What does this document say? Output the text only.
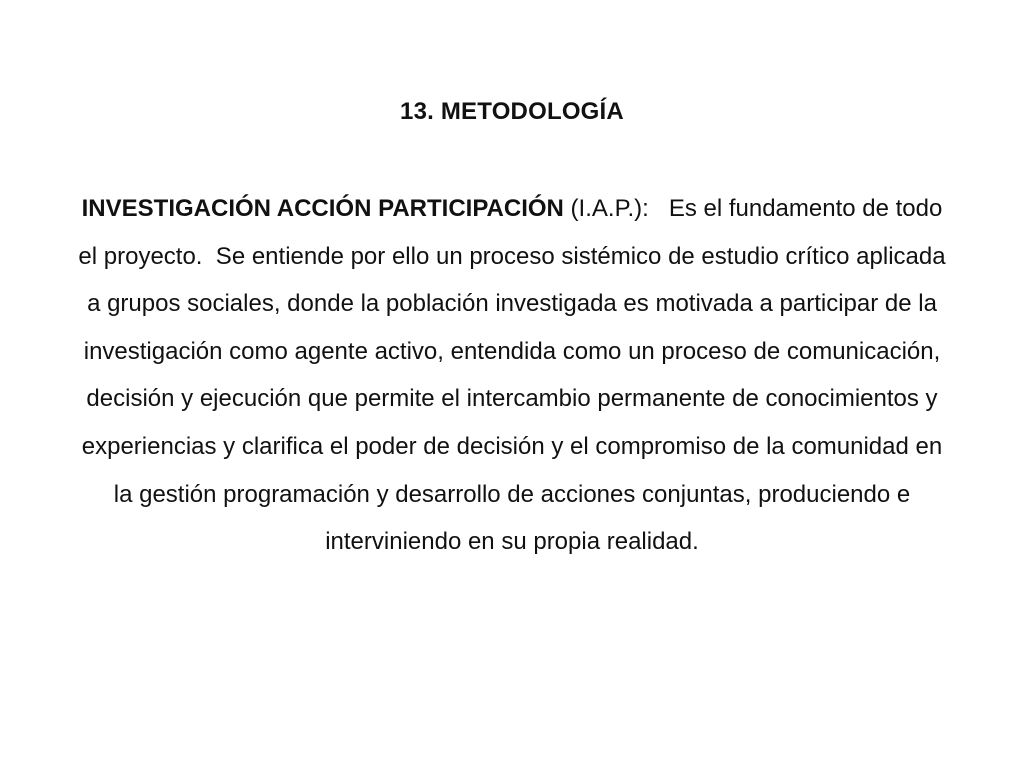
13. METODOLOGÍA
INVESTIGACIÓN ACCIÓN PARTICIPACIÓN (I.A.P.):   Es el fundamento de todo el proyecto.  Se entiende por ello un proceso sistémico de estudio crítico aplicada a grupos sociales, donde la población investigada es motivada a participar de la investigación como agente activo, entendida como un proceso de comunicación, decisión y ejecución que permite el intercambio permanente de conocimientos y experiencias y clarifica el poder de decisión y el compromiso de la comunidad en la gestión programación y desarrollo de acciones conjuntas, produciendo e interviniendo en su propia realidad.
